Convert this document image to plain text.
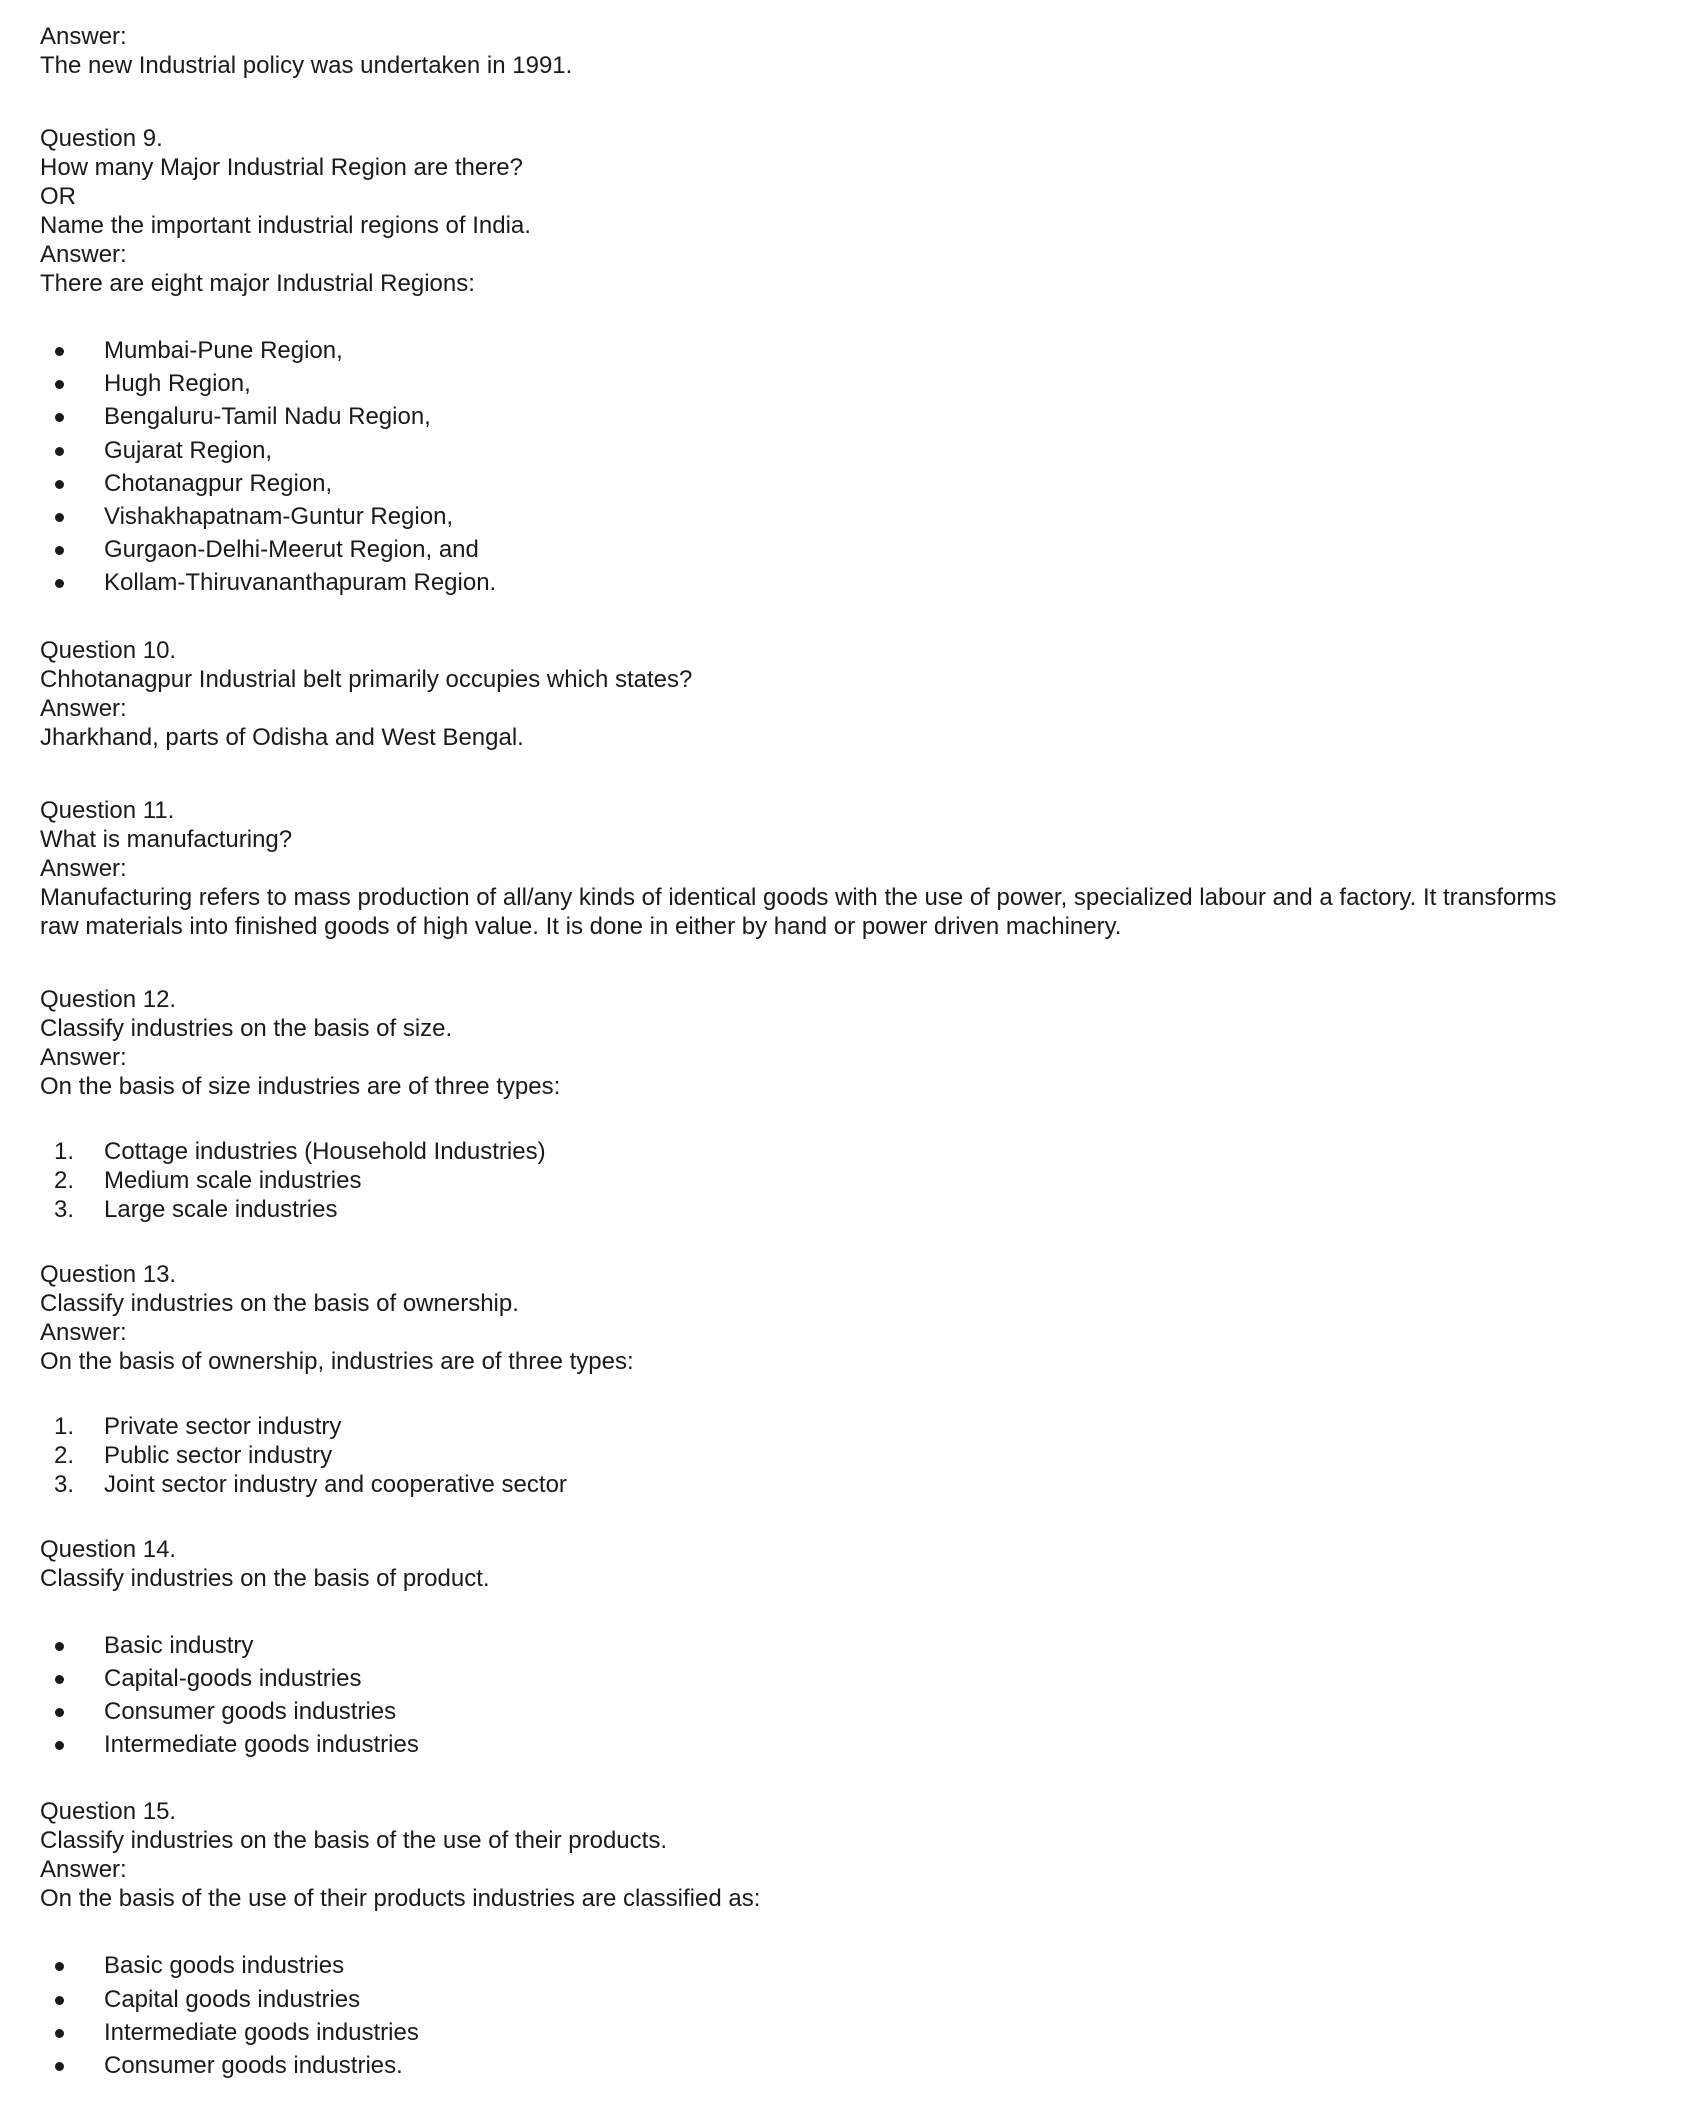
Answer:

The new Industrial policy was undertaken in 1991.

Question 9.

How many Major Industrial Region are there?

OR

Name the important industrial regions of India.

Answer:

There are eight major Industrial Regions:

Mumbai-Pune Region,
Hugh Region,
Bengaluru-Tamil Nadu Region,
Gujarat Region,
Chotanagpur Region,
Vishakhapatnam-Guntur Region,
Gurgaon-Delhi-Meerut Region, and
Kollam-Thiruvananthapuram Region.

Question 10.

Chhotanagpur Industrial belt primarily occupies which states?

Answer:

Jharkhand, parts of Odisha and West Bengal.

Question 11.

What is manufacturing?

Answer:

Manufacturing refers to mass production of all/any kinds of identical goods with the use of power, specialized labour and a factory. It transforms

raw materials into finished goods of high value. It is done in either by hand or power driven machinery.

Question 12.

Classify industries on the basis of size.

Answer:

On the basis of size industries are of three types:

1. Cottage industries (Household Industries)
2. Medium scale industries
3. Large scale industries

Question 13.

Classify industries on the basis of ownership.

Answer:

On the basis of ownership, industries are of three types:

1. Private sector industry
2. Public sector industry
3. Joint sector industry and cooperative sector

Question 14.

Classify industries on the basis of product.

Basic industry
Capital-goods industries
Consumer goods industries
Intermediate goods industries

Question 15.

Classify industries on the basis of the use of their products.

Answer:

On the basis of the use of their products industries are classified as:

Basic goods industries
Capital goods industries
Intermediate goods industries
Consumer goods industries.
